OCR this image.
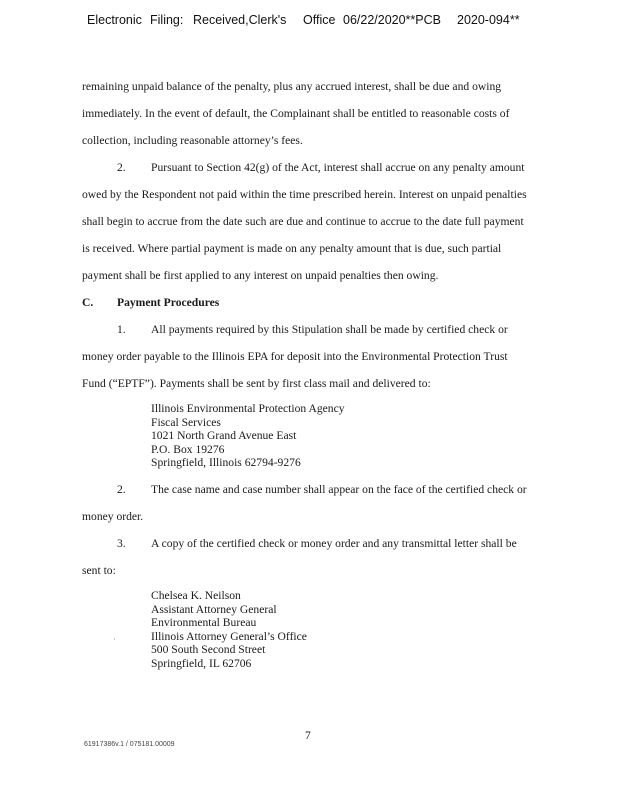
Electronic Filing: Received,Clerk's Office 06/22/2020**PCB 2020-094**
remaining unpaid balance of the penalty, plus any accrued interest, shall be due and owing
immediately. In the event of default, the Complainant shall be entitled to reasonable costs of
collection, including reasonable attorney’s fees.
2. Pursuant to Section 42(g) of the Act, interest shall accrue on any penalty amount
owed by the Respondent not paid within the time prescribed herein. Interest on unpaid penalties
shall begin to accrue from the date such are due and continue to accrue to the date full payment
is received. Where partial payment is made on any penalty amount that is due, such partial
payment shall be first applied to any interest on unpaid penalties then owing.
C. Payment Procedures
1. All payments required by this Stipulation shall be made by certified check or
money order payable to the Illinois EPA for deposit into the Environmental Protection Trust
Fund (“EPTF”). Payments shall be sent by first class mail and delivered to:
Illinois Environmental Protection Agency
Fiscal Services
1021 North Grand Avenue East
P.O. Box 19276
Springfield, Illinois 62794-9276
2. The case name and case number shall appear on the face of the certified check or
money order.
3. A copy of the certified check or money order and any transmittal letter shall be
sent to:
Chelsea K. Neilson
Assistant Attorney General
Environmental Bureau
Illinois Attorney General’s Office
500 South Second Street
Springfield, IL 62706
·
7
61917386v.1 / 075181.00009
